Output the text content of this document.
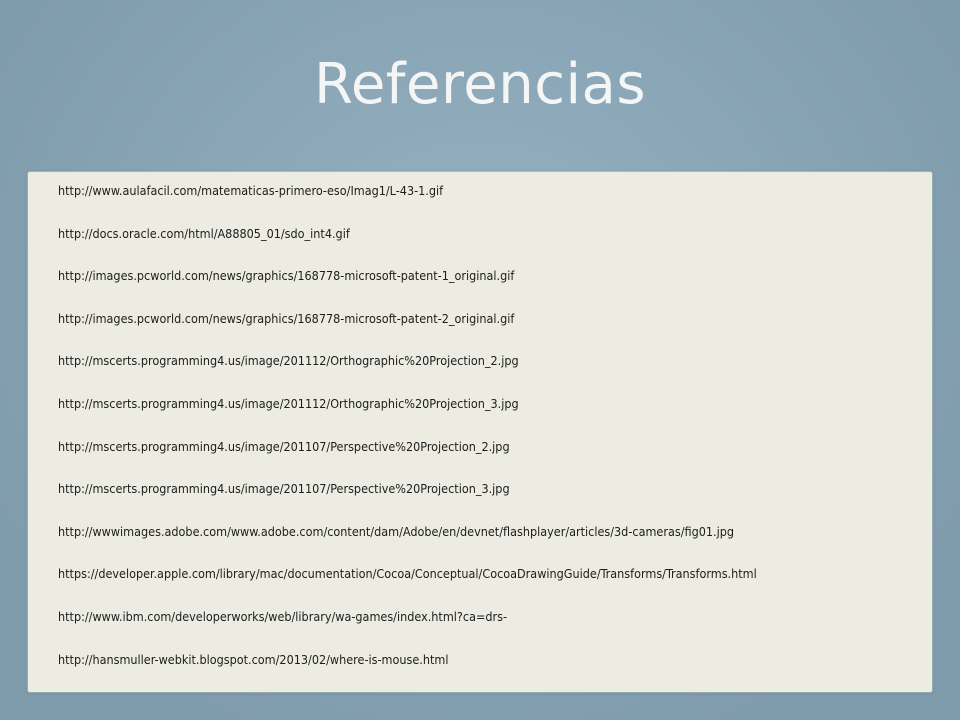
Referencias
http://www.aulafacil.com/matematicas-primero-eso/Imag1/L-43-1.gif
http://docs.oracle.com/html/A88805_01/sdo_int4.gif
http://images.pcworld.com/news/graphics/168778-microsoft-patent-1_original.gif
http://images.pcworld.com/news/graphics/168778-microsoft-patent-2_original.gif
http://mscerts.programming4.us/image/201112/Orthographic%20Projection_2.jpg
http://mscerts.programming4.us/image/201112/Orthographic%20Projection_3.jpg
http://mscerts.programming4.us/image/201107/Perspective%20Projection_2.jpg
http://mscerts.programming4.us/image/201107/Perspective%20Projection_3.jpg
http://wwwimages.adobe.com/www.adobe.com/content/dam/Adobe/en/devnet/flashplayer/articles/3d-cameras/fig01.jpg
https://developer.apple.com/library/mac/documentation/Cocoa/Conceptual/CocoaDrawingGuide/Transforms/Transforms.html
http://www.ibm.com/developerworks/web/library/wa-games/index.html?ca=drs-
http://hansmuller-webkit.blogspot.com/2013/02/where-is-mouse.html
